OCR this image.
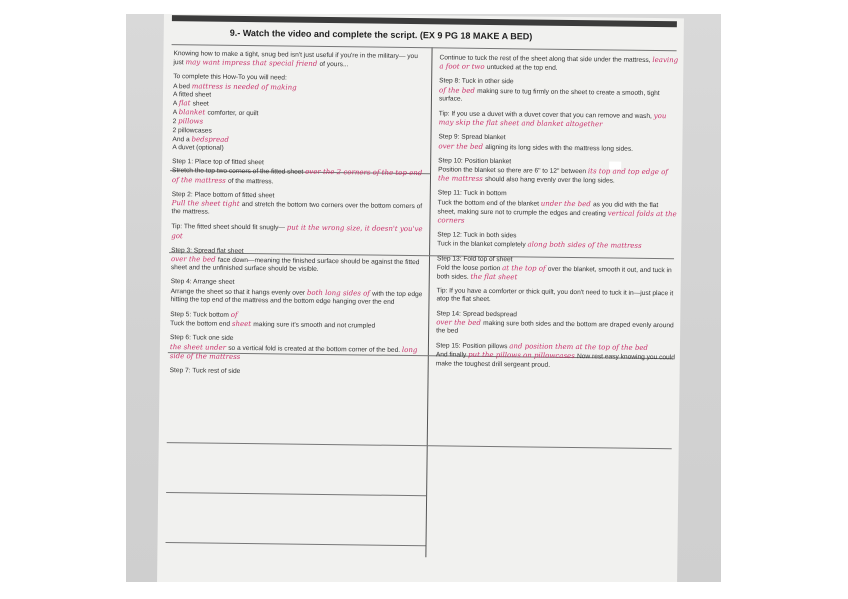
9.- Watch the video and complete the script. (EX 9 PG 18 MAKE A BED)

Knowing how to make a tight, snug bed isn't just useful if you're in the military— you just may want impress that special friend of yours...

To complete this How-To you will need:

A bed mattress is needed of making

A fitted sheet

A flat sheet

A blanket comforter, or quilt

2 pillows

2 pillowcases

And a bedspread

A duvet (optional)

Step 1: Place top of fitted sheet

Stretch the top two corners of the fitted sheet over the 2 corners of the top end of the mattress of the mattress.

Step 2: Place bottom of fitted sheet

Pull the sheet tight and stretch the bottom two corners over the bottom corners of the mattress.

Tip: The fitted sheet should fit snugly— put it the wrong size, it doesn't you've got

Step 3: Spread flat sheet

over the bed face down—meaning the finished surface should be against the fitted sheet and the unfinished surface should be visible.

Step 4: Arrange sheet

Arrange the sheet so that it hangs evenly over both long sides of with the top edge hitting the top end of the mattress and the bottom edge hanging over the end

Step 5: Tuck bottom of

Tuck the bottom end sheet making sure it's smooth and not crumpled

Step 6: Tuck one side

the sheet under so a vertical fold is created at the bottom corner of the bed. long side of the mattress

Step 7: Tuck rest of side

Continue to tuck the rest of the sheet along that side under the mattress, leaving a foot or two untucked at the top end.

Step 8: Tuck in other side

of the bed making sure to tug firmly on the sheet to create a smooth, tight surface.

Tip: If you use a duvet with a duvet cover that you can remove and wash, you may skip the flat sheet and blanket altogether

Step 9: Spread blanket

over the bed aligning its long sides with the mattress long sides.

Step 10: Position blanket

Position the blanket so there are 6" to 12" between its top and top edge of the mattress should also hang evenly over the long sides.

Step 11: Tuck in bottom

Tuck the bottom end of the blanket under the bed as you did with the flat sheet, making sure not to crumple the edges and creating vertical folds at the corners

Step 12: Tuck in both sides

Tuck in the blanket completely along both sides of the mattress

Step 13: Fold top of sheet

Fold the loose portion at the top of over the blanket, smooth it out, and tuck in both sides. the flat sheet

Tip: If you have a comforter or thick quilt, you don't need to tuck it in—just place it atop the flat sheet.

Step 14: Spread bedspread

over the bed making sure both sides and the bottom are draped evenly around the bed

Step 15: Position pillows and position them at the top of the bed

And finally put the pillows on pillowcases Now rest easy knowing you could make the toughest drill sergeant proud.
